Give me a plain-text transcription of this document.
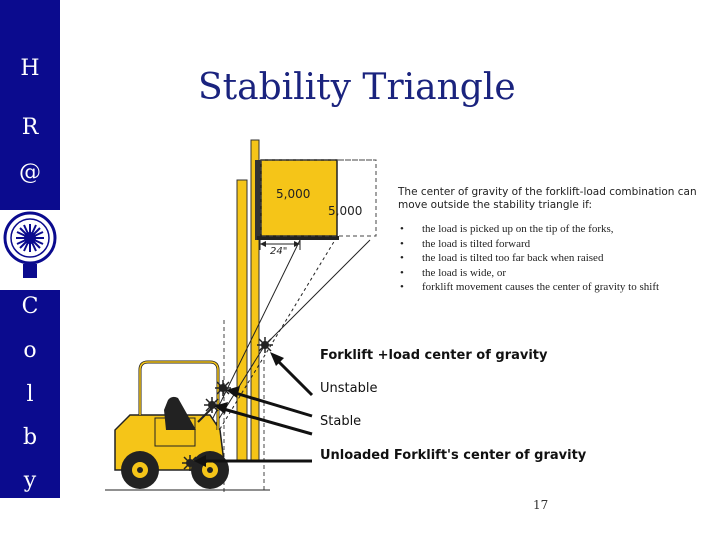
H
R
@
C
o
l
b
y
Stability Triangle
5,000
5,000
24"
The center of gravity of the forklift-load combination can move outside the stability triangle if:
• the load is picked up on the tip of the forks,
• the load is tilted forward
• the load is tilted too far back when raised
• the load is wide, or
• forklift movement causes the center of gravity to shift
Forklift +load center of gravity
Unstable
Stable
Unloaded Forklift's center of gravity
17
